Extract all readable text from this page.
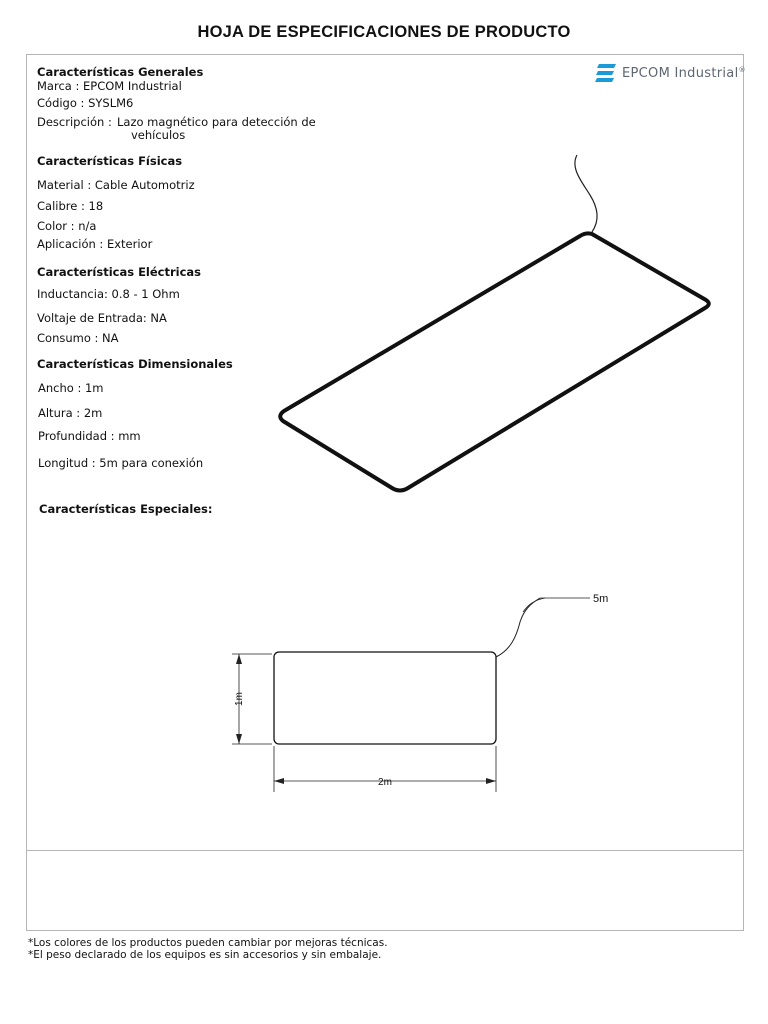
HOJA DE ESPECIFICACIONES DE PRODUCTO
EPCOM Industrial®
Características Generales
Marca : EPCOM Industrial
Código : SYSLM6
Descripción : Lazo magnético para detección de
vehículos
Características Físicas
Material : Cable Automotriz
Calibre : 18
Color : n/a
Aplicación : Exterior
Características Eléctricas
Inductancia: 0.8 - 1 Ohm
Voltaje de Entrada: NA
Consumo : NA
Características Dimensionales
Ancho : 1m
Altura : 2m
Profundidad : mm
Longitud : 5m para conexión
Características Especiales:
5m
1m
2m
*Los colores de los productos pueden cambiar por mejoras técnicas.
*El peso declarado de los equipos es sin accesorios y sin embalaje.
